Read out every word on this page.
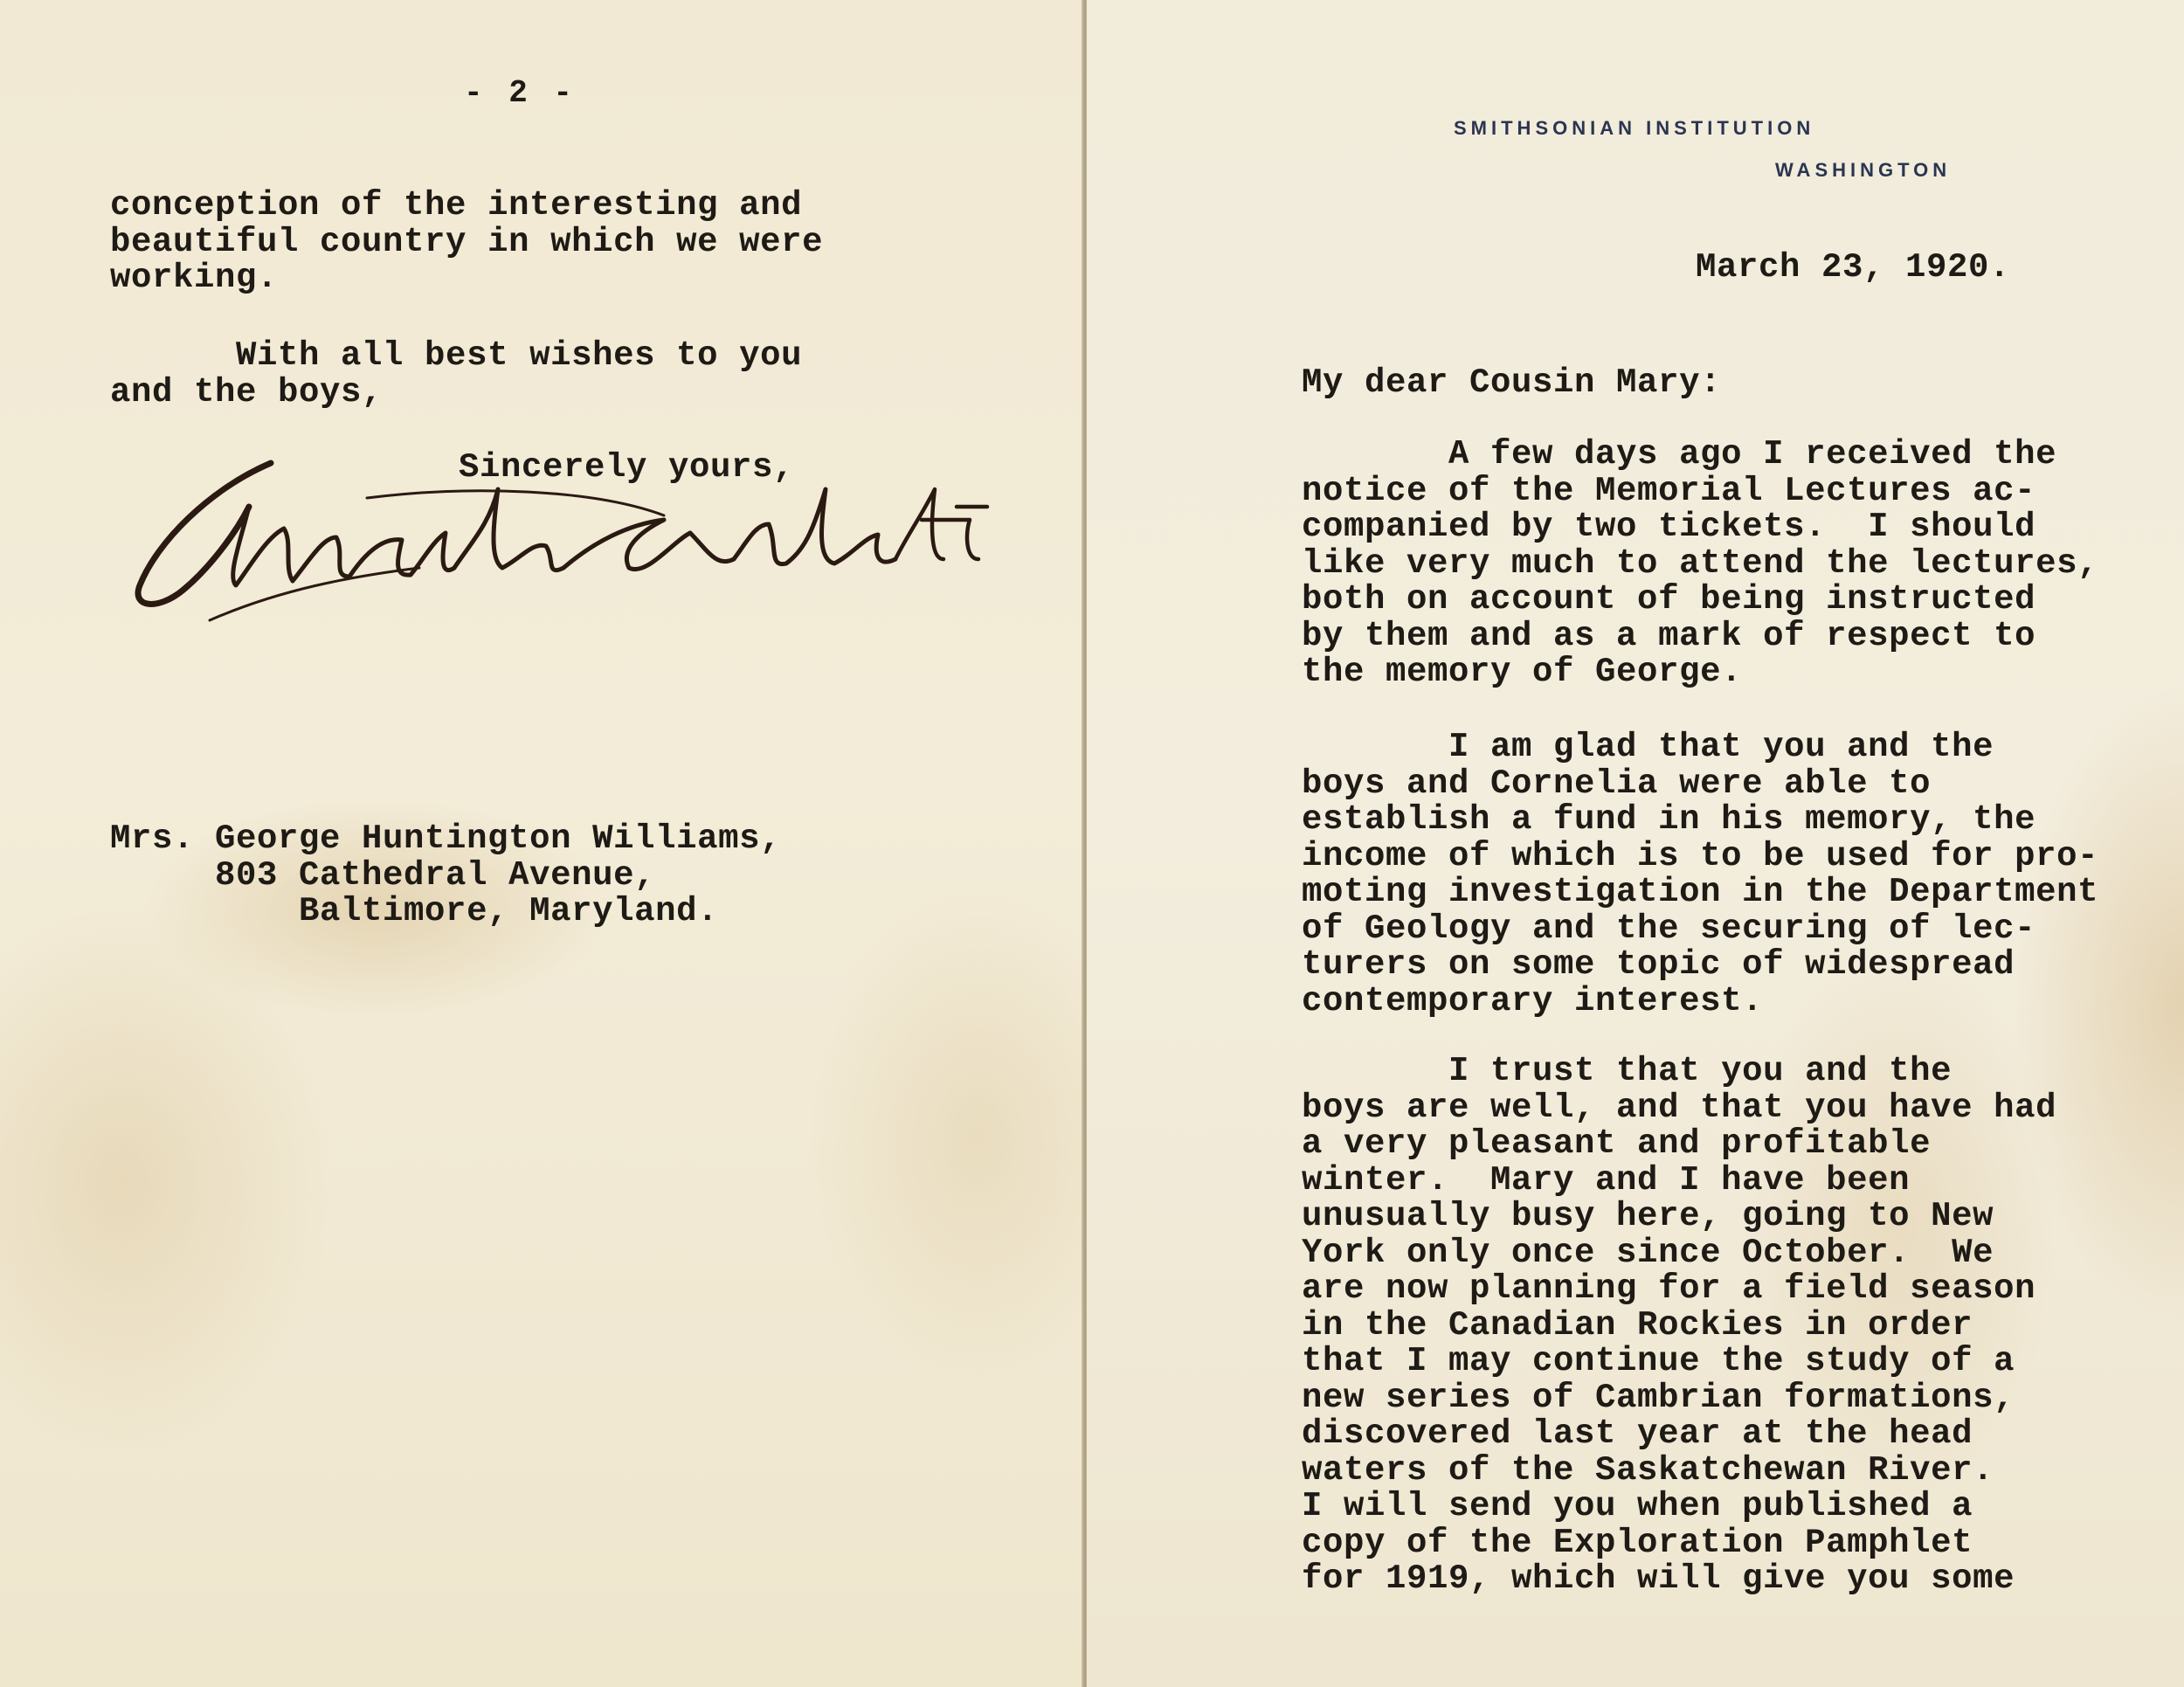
- 2 -
conception of the interesting and
beautiful country in which we were
working.
With all best wishes to you
and the boys,
Sincerely yours,
Mrs. George Huntington Williams,
803 Cathedral Avenue,
Baltimore, Maryland.
SMITHSONIAN INSTITUTION
WASHINGTON
March 23, 1920.
My dear Cousin Mary:
A few days ago I received the
notice of the Memorial Lectures ac-
companied by two tickets.  I should
like very much to attend the lectures,
both on account of being instructed
by them and as a mark of respect to
the memory of George.
I am glad that you and the
boys and Cornelia were able to
establish a fund in his memory, the
income of which is to be used for pro-
moting investigation in the Department
of Geology and the securing of lec-
turers on some topic of widespread
contemporary interest.
I trust that you and the
boys are well, and that you have had
a very pleasant and profitable
winter.  Mary and I have been
unusually busy here, going to New
York only once since October.  We
are now planning for a field season
in the Canadian Rockies in order
that I may continue the study of a
new series of Cambrian formations,
discovered last year at the head
waters of the Saskatchewan River.
I will send you when published a
copy of the Exploration Pamphlet
for 1919, which will give you some
